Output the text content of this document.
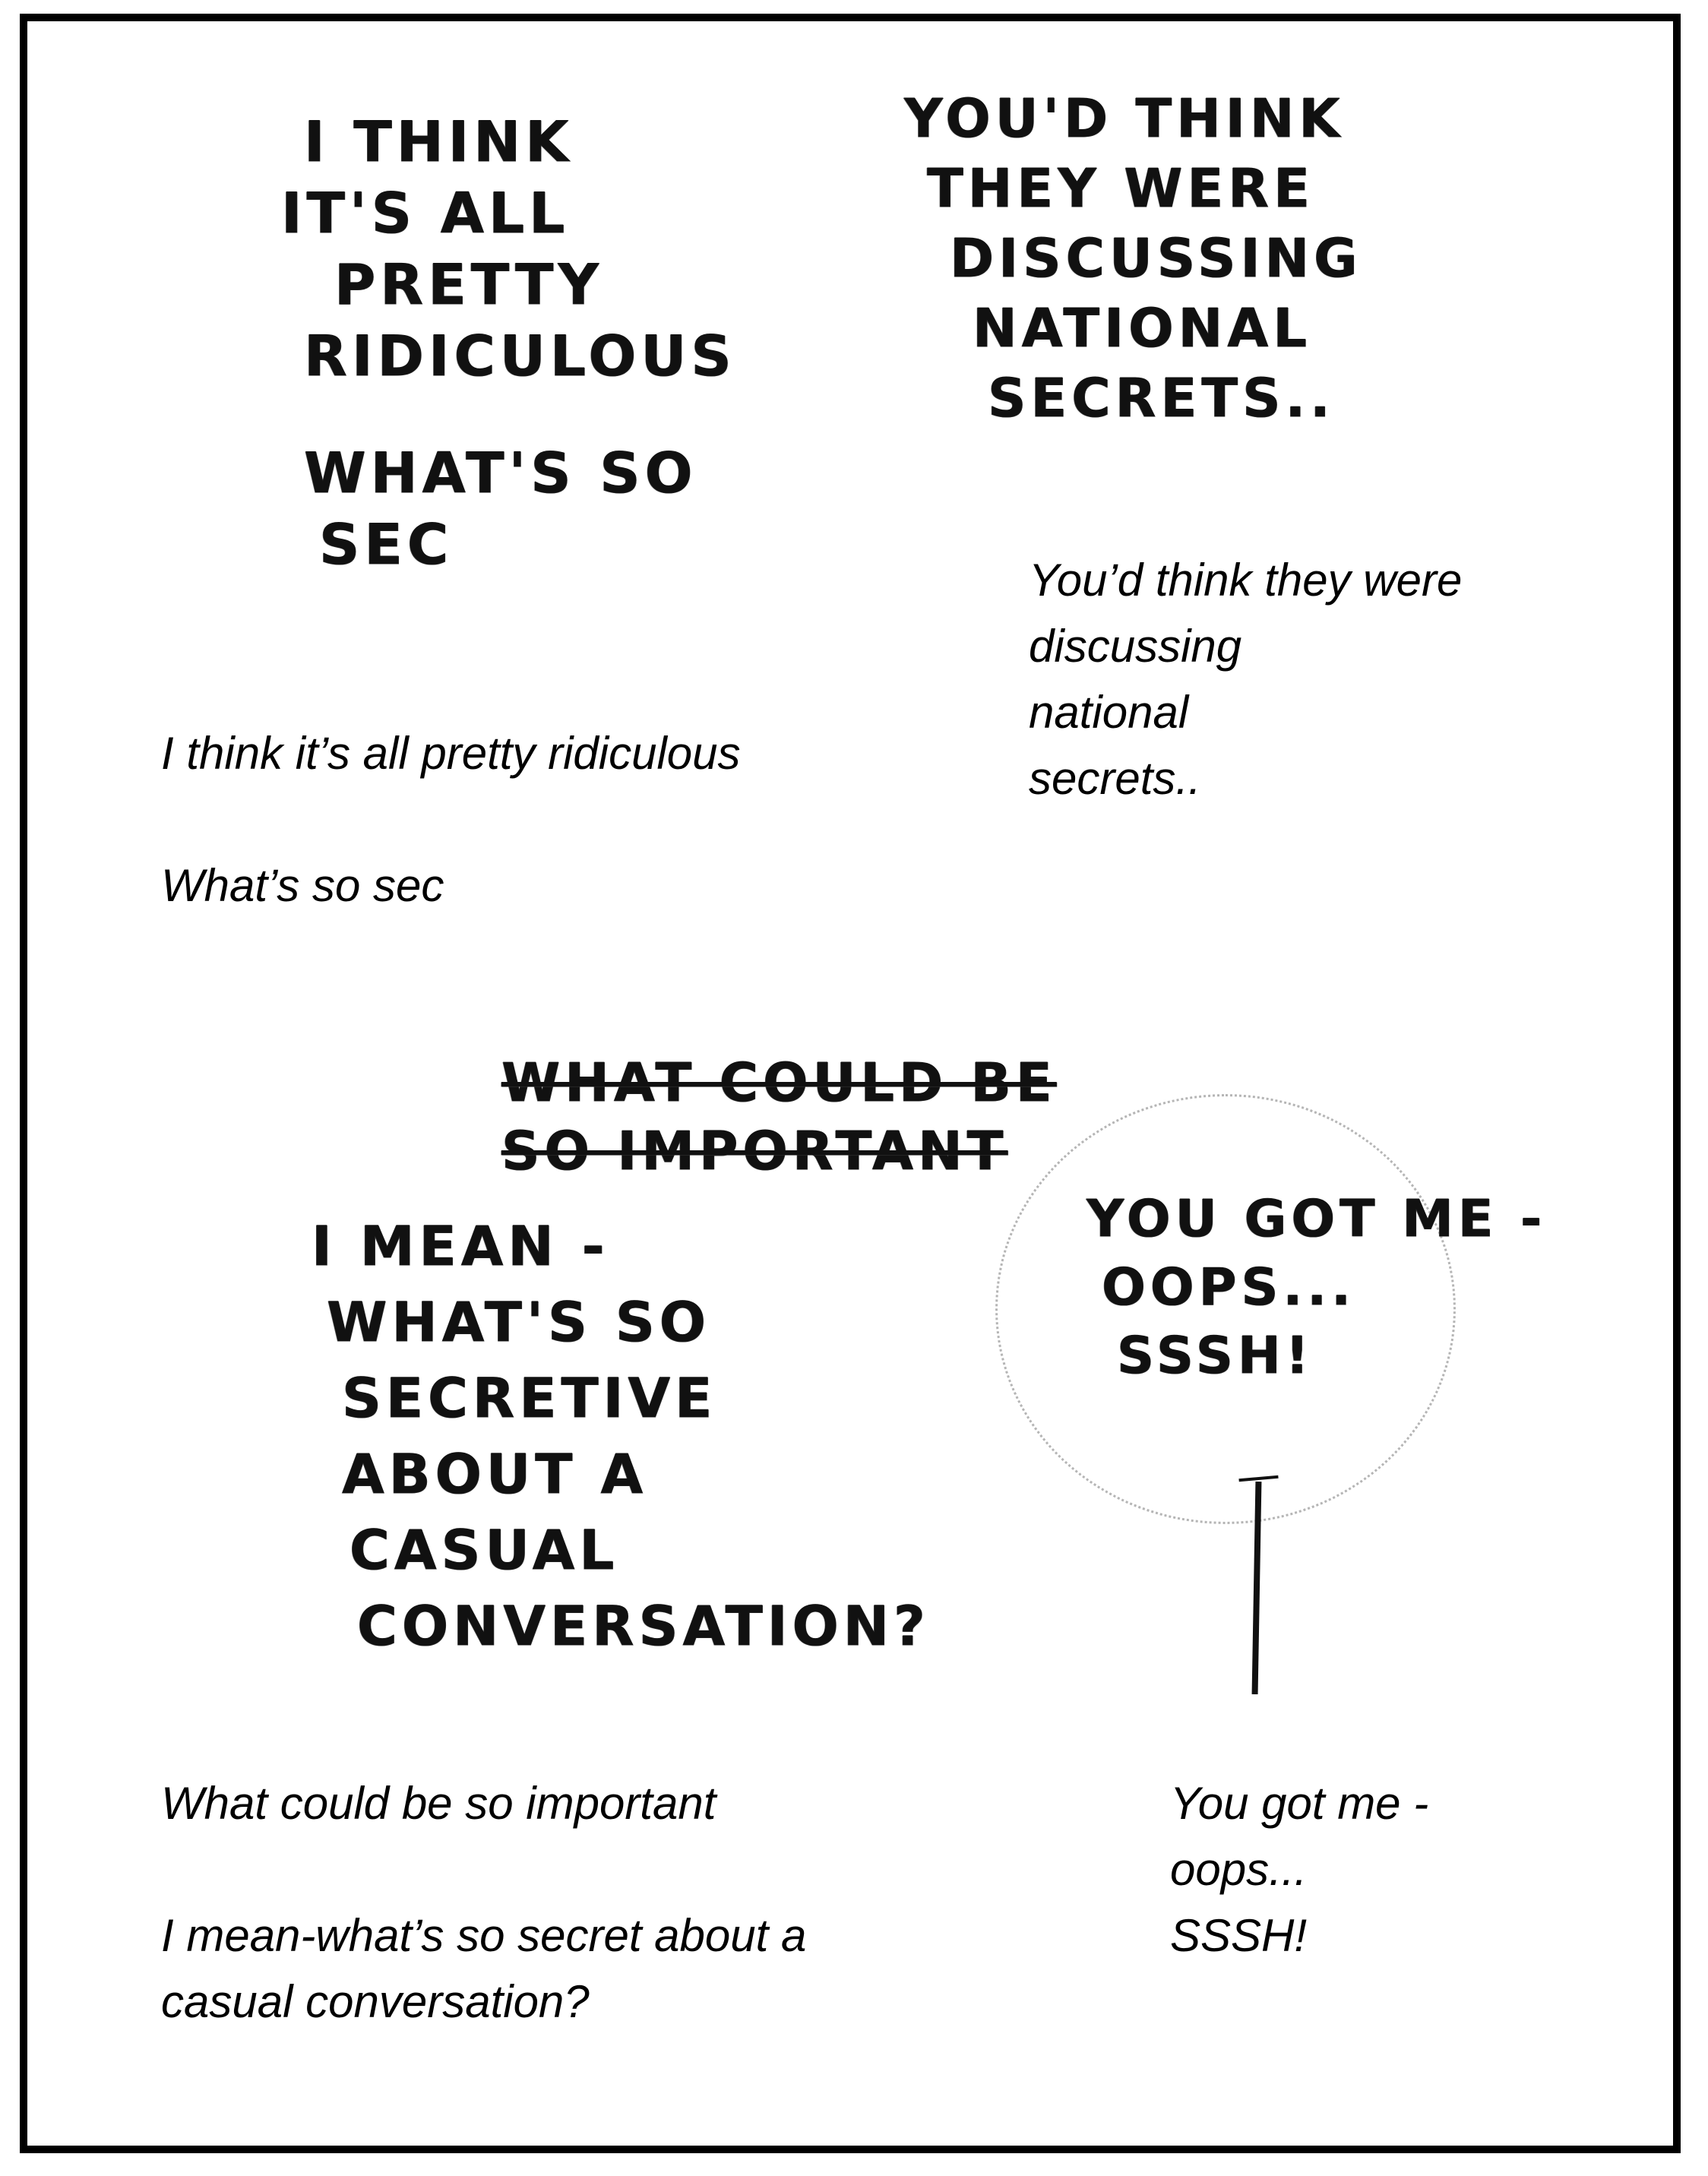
I THINK
IT'S ALL
PRETTY
RIDICULOUS
WHAT'S SO
SEC
YOU'D THINK
THEY WERE
DISCUSSING
NATIONAL
SECRETS..
I think it’s all pretty ridiculous
What’s so sec
You’d think they were
discussing
national
secrets..
WHAT COULD BE
SO IMPORTANT
I MEAN -
WHAT'S SO
SECRETIVE
ABOUT A
CASUAL
CONVERSATION?
YOU GOT ME -
OOPS...
SSSH!
What could be so important
I mean-what’s so secret about a
casual conversation?
You got me -
oops...
SSSH!
